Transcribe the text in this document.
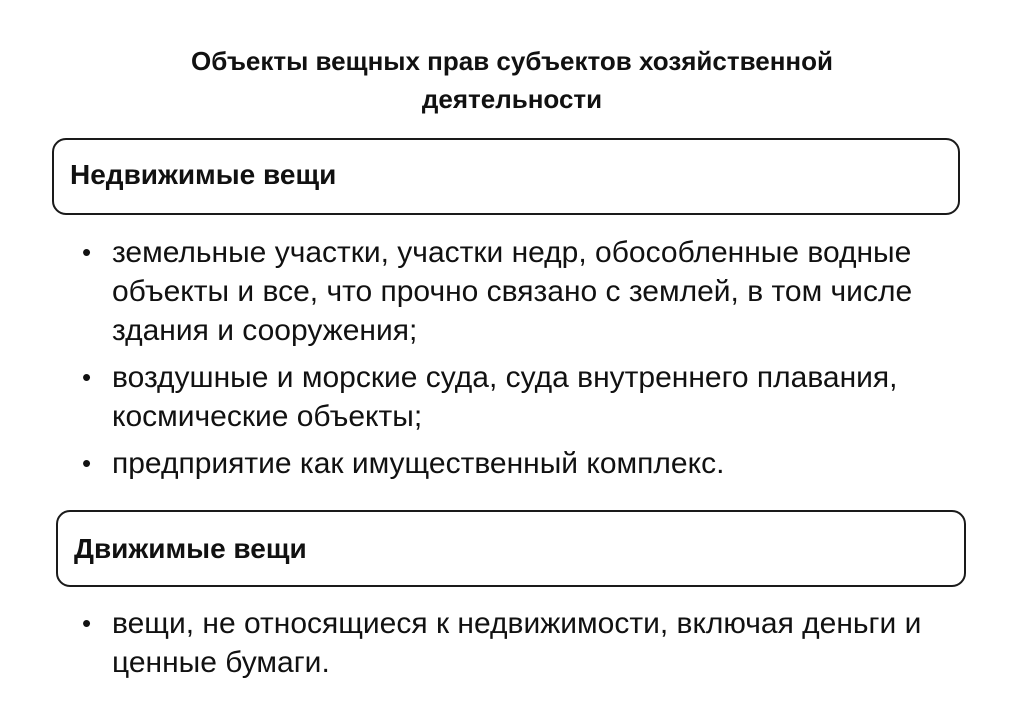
Объекты вещных прав субъектов хозяйственной
деятельности
Недвижимые вещи
• земельные участки, участки недр, обособленные водные объекты и все, что прочно связано с землей, в том числе здания и сооружения;
• воздушные и морские суда, суда внутреннего плавания, космические объекты;
• предприятие как имущественный комплекс.
Движимые вещи
• вещи, не относящиеся к недвижимости, включая деньги и ценные бумаги.
